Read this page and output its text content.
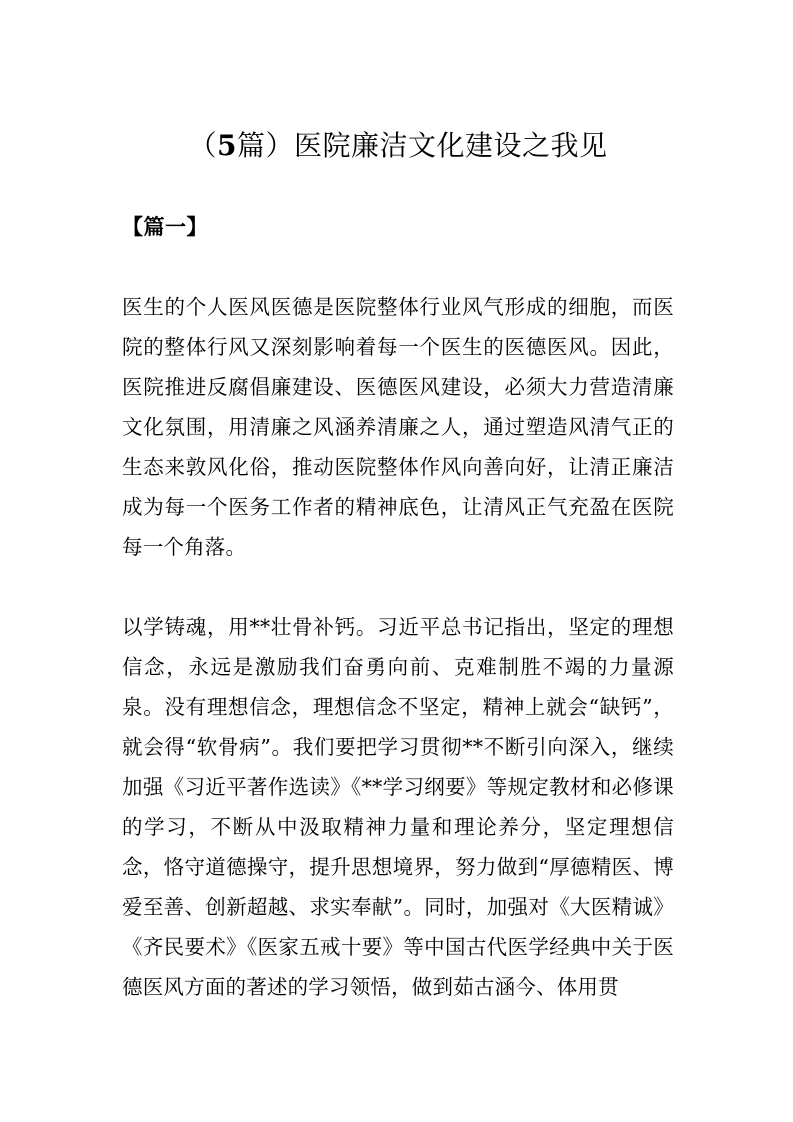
（5篇）医院廉洁文化建设之我见
【篇一】

医生的个人医风医德是医院整体行业风气形成的细胞，而医院的整体行风又深刻影响着每一个医生的医德医风。因此，医院推进反腐倡廉建设、医德医风建设，必须大力营造清廉文化氛围，用清廉之风涵养清廉之人，通过塑造风清气正的生态来敦风化俗，推动医院整体作风向善向好，让清正廉洁成为每一个医务工作者的精神底色，让清风正气充盈在医院每一个角落。

以学铸魂，用**壮骨补钙。习近平总书记指出，坚定的理想信念，永远是激励我们奋勇向前、克难制胜不竭的力量源泉。没有理想信念，理想信念不坚定，精神上就会“缺钙”，就会得“软骨病”。我们要把学习贯彻**不断引向深入，继续加强《习近平著作选读》《**学习纲要》等规定教材和必修课的学习，不断从中汲取精神力量和理论养分，坚定理想信念，恪守道德操守，提升思想境界，努力做到“厚德精医、博爱至善、创新超越、求实奉献”。同时，加强对《大医精诚》《齐民要术》《医家五戒十要》等中国古代医学经典中关于医德医风方面的著述的学习领悟，做到茹古涵今、体用贯
